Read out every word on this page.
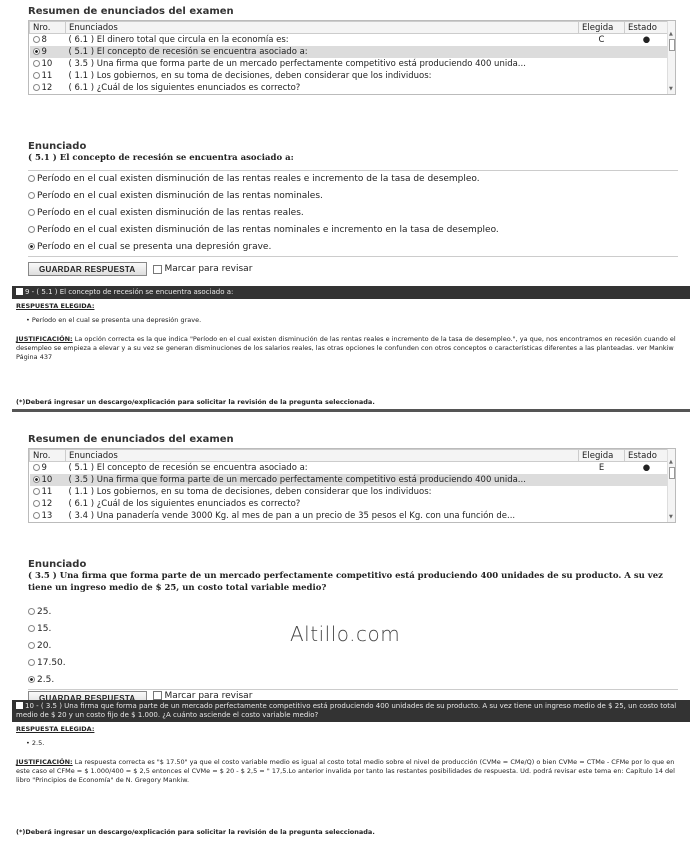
Resumen de enunciados del examen
Nro.	Enunciados	Elegida	Estado
8	( 6.1 ) El dinero total que circula en la economía es:	C	●
9	( 5.1 ) El concepto de recesión se encuentra asociado a:		
10	( 3.5 ) Una firma que forma parte de un mercado perfectamente competitivo está produciendo 400 unida...		
11	( 1.1 ) Los gobiernos, en su toma de decisiones, deben considerar que los individuos:		
12	( 6.1 ) ¿Cuál de los siguientes enunciados es correcto?		
▲
▼
Enunciado
( 5.1 ) El concepto de recesión se encuentra asociado a:
Período en el cual existen disminución de las rentas reales e incremento de la tasa de desempleo.
Período en el cual existen disminución de las rentas nominales.
Período en el cual existen disminución de las rentas reales.
Período en el cual existen disminución de las rentas nominales e incremento en la tasa de desempleo.
Período en el cual se presenta una depresión grave.
GUARDAR RESPUESTA	Marcar para revisar
9 - ( 5.1 ) El concepto de recesión se encuentra asociado a:
RESPUESTA ELEGIDA:
• Período en el cual se presenta una depresión grave.
JUSTIFICACIÓN: La opción correcta es la que indica "Período en el cual existen disminución de las rentas reales e incremento de la tasa de desempleo.", ya que, nos encontramos en recesión cuando el desempleo se empieza a elevar y a su vez se generan disminuciones de los salarios reales, las otras opciones le confunden con otros conceptos o características diferentes a las planteadas. ver Mankiw Página 437
(*)Deberá ingresar un descargo/explicación para solicitar la revisión de la pregunta seleccionada.
Resumen de enunciados del examen
Nro.	Enunciados	Elegida	Estado
9	( 5.1 ) El concepto de recesión se encuentra asociado a:	E	●
10	( 3.5 ) Una firma que forma parte de un mercado perfectamente competitivo está produciendo 400 unida...		
11	( 1.1 ) Los gobiernos, en su toma de decisiones, deben considerar que los individuos:		
12	( 6.1 ) ¿Cuál de los siguientes enunciados es correcto?		
13	( 3.4 ) Una panadería vende 3000 Kg. al mes de pan a un precio de 35 pesos el Kg. con una función de...		
▲
▼
Enunciado
( 3.5 ) Una firma que forma parte de un mercado perfectamente competitivo está produciendo 400 unidades de su producto. A su vez tiene un ingreso medio de $ 25, un costo total variable medio?
25.
15.
20.
17.50.
2.5.
GUARDAR RESPUESTA	Marcar para revisar
10 - ( 3.5 ) Una firma que forma parte de un mercado perfectamente competitivo está produciendo 400 unidades de su producto. A su vez tiene un ingreso medio de $ 25, un costo total medio de $ 20 y un costo fijo de $ 1.000. ¿A cuánto asciende el costo variable medio?
RESPUESTA ELEGIDA:
• 2.5.
JUSTIFICACIÓN: La respuesta correcta es "$ 17.50" ya que el costo variable medio es igual al costo total medio sobre el nivel de producción (CVMe = CMe/Q) o bien CVMe = CTMe - CFMe por lo que en este caso el CFMe = $ 1.000/400 = $ 2,5 entonces el CVMe = $ 20 - $ 2,5 = " 17,5.Lo anterior invalida por tanto las restantes posibilidades de respuesta. Ud. podrá revisar este tema en: Capítulo 14 del libro "Principios de Economía" de N. Gregory Mankiw.
(*)Deberá ingresar un descargo/explicación para solicitar la revisión de la pregunta seleccionada.
Altillo.com
